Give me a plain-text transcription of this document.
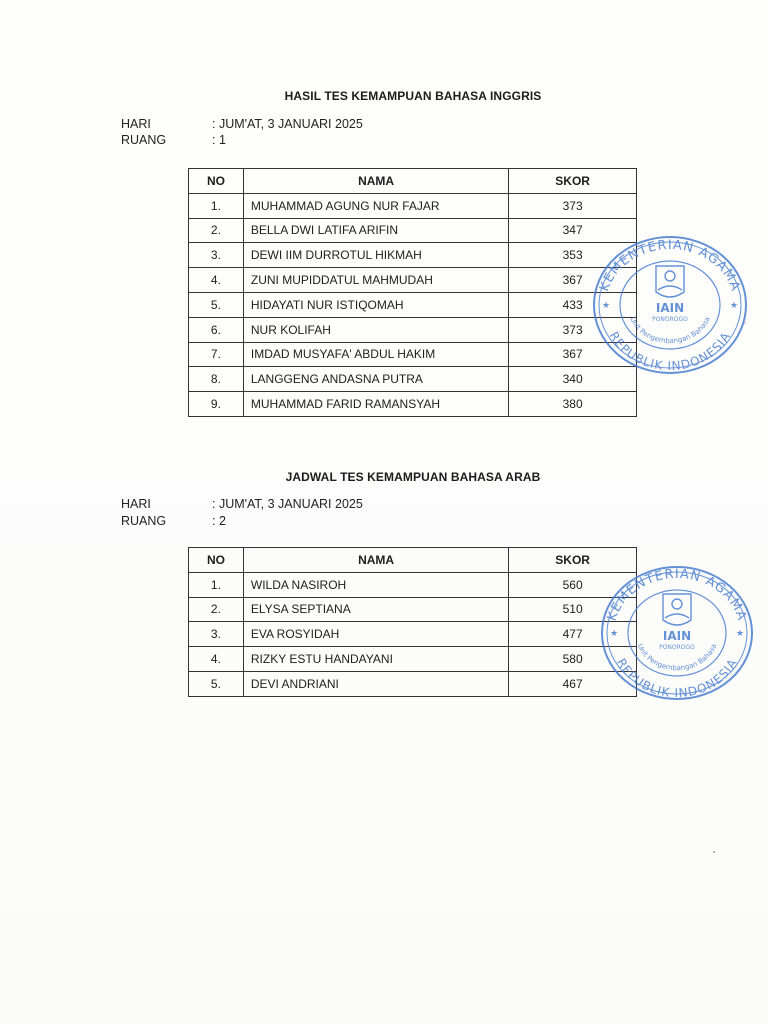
HASIL TES KEMAMPUAN BAHASA INGGRIS
HARI	: JUM'AT, 3 JANUARI 2025
RUANG	: 1
NO	NAMA	SKOR
1.	MUHAMMAD AGUNG NUR FAJAR	373
2.	BELLA DWI LATIFA ARIFIN	347
3.	DEWI IIM DURROTUL HIKMAH	353
4.	ZUNI MUPIDDATUL MAHMUDAH	367
5.	HIDAYATI NUR ISTIQOMAH	433
6.	NUR KOLIFAH	373
7.	IMDAD MUSYAFA' ABDUL HAKIM	367
8.	LANGGENG ANDASNA PUTRA	340
9.	MUHAMMAD FARID RAMANSYAH	380
JADWAL TES KEMAMPUAN BAHASA ARAB
HARI	: JUM'AT, 3 JANUARI 2025
RUANG	: 2
NO	NAMA	SKOR
1.	WILDA NASIROH	560
2.	ELYSA SEPTIANA	510
3.	EVA ROSYIDAH	477
4.	RIZKY ESTU HANDAYANI	580
5.	DEVI ANDRIANI	467
KEMENTERIAN AGAMA
REPUBLIK INDONESIA
Unit Pengembangan Bahasa
★	★
IAIN
PONOROGO
KEMENTERIAN AGAMA
REPUBLIK INDONESIA
Unit Pengembangan Bahasa
★	★
IAIN
PONOROGO
